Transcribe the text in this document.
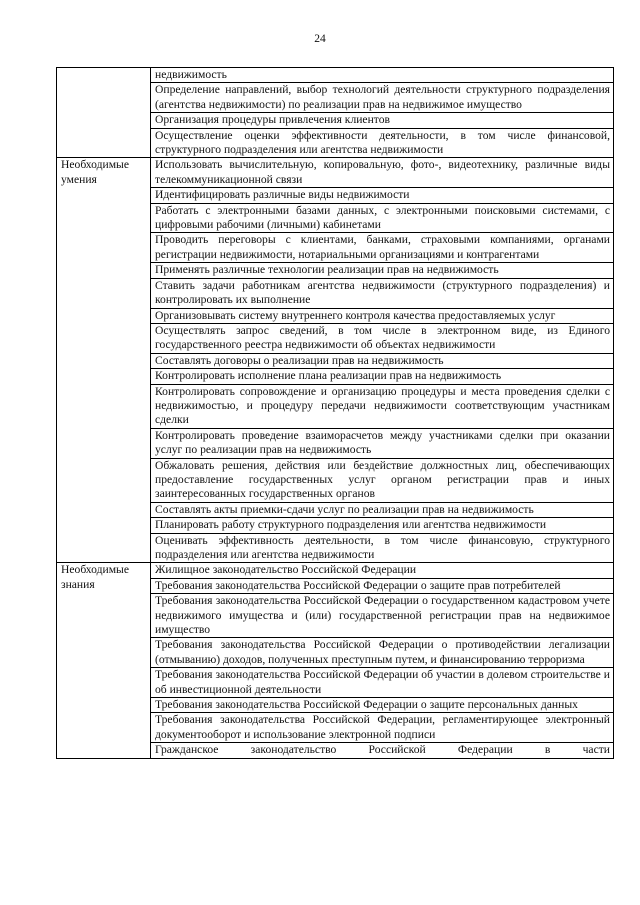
24
	недвижимость
	Определение направлений, выбор технологий деятельности структурного подразделения (агентства недвижимости) по реализации прав на недвижимое имущество
	Организация процедуры привлечения клиентов
	Осуществление оценки эффективности деятельности, в том числе финансовой, структурного подразделения или агентства недвижимости

Необходимые
умения	Использовать вычислительную, копировальную, фото-, видеотехнику, различные виды телекоммуникационной связи
	Идентифицировать различные виды недвижимости
	Работать с электронными базами данных, с электронными поисковыми системами, с цифровыми рабочими (личными) кабинетами
	Проводить переговоры с клиентами, банками, страховыми компаниями, органами регистрации недвижимости, нотариальными организациями и контрагентами
	Применять различные технологии реализации прав на недвижимость
	Ставить задачи работникам агентства недвижимости (структурного подразделения) и контролировать их выполнение
	Организовывать систему внутреннего контроля качества предоставляемых услуг
	Осуществлять запрос сведений, в том числе в электронном виде, из Единого государственного реестра недвижимости об объектах недвижимости
	Составлять договоры о реализации прав на недвижимость
	Контролировать исполнение плана реализации прав на недвижимость
	Контролировать сопровождение и организацию процедуры и места проведения сделки с недвижимостью, и процедуру передачи недвижимости соответствующим участникам сделки
	Контролировать проведение взаиморасчетов между участниками сделки при оказании услуг по реализации прав на недвижимость
	Обжаловать решения, действия или бездействие должностных лиц, обеспечивающих предоставление государственных услуг органом регистрации прав и иных заинтересованных государственных органов
	Составлять акты приемки-сдачи услуг по реализации прав на недвижимость
	Планировать работу структурного подразделения или агентства недвижимости
	Оценивать эффективность деятельности, в том числе финансовую, структурного подразделения или агентства недвижимости

Необходимые
знания	Жилищное законодательство Российской Федерации
	Требования законодательства Российской Федерации о защите прав потребителей
	Требования законодательства Российской Федерации о государственном кадастровом учете недвижимого имущества и (или) государственной регистрации прав на недвижимое имущество
	Требования законодательства Российской Федерации о противодействии легализации (отмыванию) доходов, полученных преступным путем, и финансированию терроризма
	Требования законодательства Российской Федерации об участии в долевом строительстве и об инвестиционной деятельности
	Требования законодательства Российской Федерации о защите персональных данных
	Требования законодательства Российской Федерации, регламентирующее электронный документооборот и использование электронной подписи
	Гражданское законодательство Российской Федерации в части
